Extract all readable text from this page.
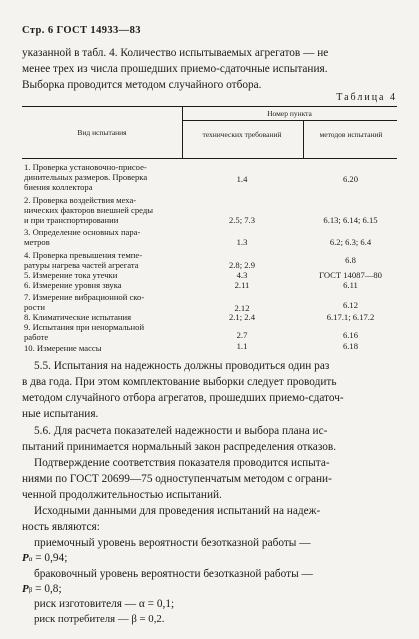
Стр. 6 ГОСТ 14933—83
указанной в табл. 4. Количество испытываемых агрегатов — не
менее трех из числа прошедших приемо-сдаточные испытания.
Выборка проводится методом случайного отбора.
Таблица 4
Вид испытания
Номер пункта
технических требований	методов испытаний
1. Проверка установочно-присое-
динительных размеров. Проверка
биения коллектора
1.4	6.20
2. Проверка воздействия меха-
нических факторов внешней среды
и при транспортировании	2.5; 7.3	6.13; 6.14; 6.15
3. Определение основных пара-
метров	1.3	6.2; 6.3; 6.4
4. Проверка превышения темпе-
ратуры нагрева частей агрегата	2.8; 2.9	6.8
5. Измерение тока утечки	4.3	ГОСТ 14087—80
6. Измерение уровня звука	2.11	6.11
7. Измерение вибрационной ско-
рости	2.12	6.12
8. Климатические испытания	2.1; 2.4	6.17.1; 6.17.2
9. Испытания при ненормальной
работе	2.7	6.16
10. Измерение массы	1.1	6.18
5.5. Испытания на надежность должны проводиться один раз
в два года. При этом комплектование выборки следует проводить
методом случайного отбора агрегатов, прошедших приемо-сдаточ-
ные испытания.
5.6. Для расчета показателей надежности и выбора плана ис-
пытаний принимается нормальный закон распределения отказов.
Подтверждение соответствия показателя проводится испыта-
ниями по ГОСТ 20699—75 одноступенчатым методом с ограни-
ченной продолжительностью испытаний.
Исходными данными для проведения испытаний на надеж-
ность являются:
приемочный уровень вероятности безотказной работы —
Pα = 0,94;
браковочный уровень вероятности безотказной работы —
Pβ = 0,8;
риск изготовителя — α = 0,1;
риск потребителя — β = 0,2.
